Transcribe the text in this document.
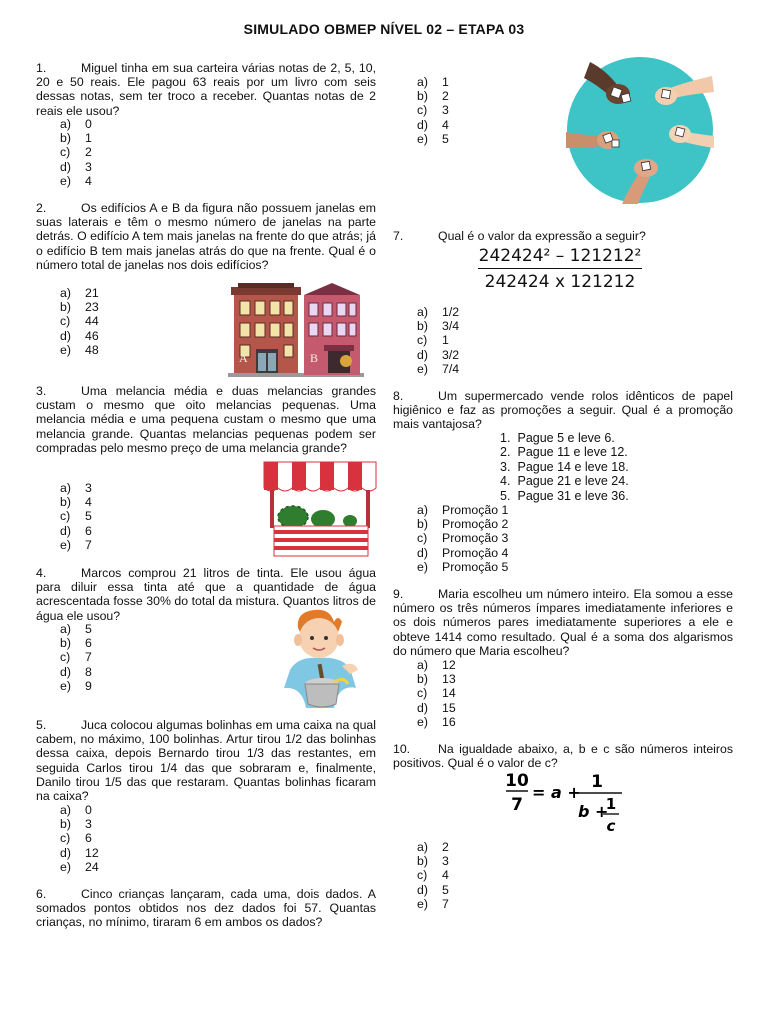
SIMULADO OBMEP NÍVEL 02 – ETAPA 03
1.	Miguel tinha em sua carteira várias notas de 2, 5, 10, 20 e 50 reais. Ele pagou 63 reais por um livro com seis dessas notas, sem ter troco a receber. Quantas notas de 2 reais ele usou?
a) 0
b) 1
c) 2
d) 3
e) 4
2.	Os edifícios A e B da figura não possuem janelas em suas laterais e têm o mesmo número de janelas na parte detrás. O edifício A tem mais janelas na frente do que atrás; já o edifício B tem mais janelas atrás do que na frente. Qual é o número total de janelas nos dois edifícios?
a) 21
b) 23
c) 44
d) 46
e) 48
A	B
3.	Uma melancia média e duas melancias grandes custam o mesmo que oito melancias pequenas. Uma melancia média e uma pequena custam o mesmo que uma melancia grande. Quantas melancias pequenas podem ser compradas pelo mesmo preço de uma melancia grande?
a) 3
b) 4
c) 5
d) 6
e) 7
4.	Marcos comprou 21 litros de tinta. Ele usou água para diluir essa tinta até que a quantidade de água acrescentada fosse 30% do total da mistura. Quantos litros de água ele usou?
a) 5
b) 6
c) 7
d) 8
e) 9
5.	Juca colocou algumas bolinhas em uma caixa na qual cabem, no máximo, 100 bolinhas. Artur tirou 1/2 das bolinhas dessa caixa, depois Bernardo tirou 1/3 das restantes, em seguida Carlos tirou 1/4 das que sobraram e, finalmente, Danilo tirou 1/5 das que restaram. Quantas bolinhas ficaram na caixa?
a) 0
b) 3
c) 6
d) 12
e) 24
6.	Cinco crianças lançaram, cada uma, dois dados. A somados pontos obtidos nos dez dados foi 57. Quantas crianças, no mínimo, tiraram 6 em ambos os dados?
a) 1
b) 2
c) 3
d) 4
e) 5
7.	Qual é o valor da expressão a seguir?
242424² – 121212²
242424 x 121212
a) 1/2
b) 3/4
c) 1
d) 3/2
e) 7/4
8.	Um supermercado vende rolos idênticos de papel higiênico e faz as promoções a seguir. Qual é a promoção mais vantajosa?
1. Pague 5 e leve 6.
2. Pague 11 e leve 12.
3. Pague 14 e leve 18.
4. Pague 21 e leve 24.
5. Pague 31 e leve 36.
a) Promoção 1
b) Promoção 2
c) Promoção 3
d) Promoção 4
e) Promoção 5
9.	Maria escolheu um número inteiro. Ela somou a esse número os três números ímpares imediatamente inferiores e os dois números pares imediatamente superiores a ele e obteve 1414 como resultado. Qual é a soma dos algarismos do número que Maria escolheu?
a) 12
b) 13
c) 14
d) 15
e) 16
10. Na igualdade abaixo, a, b e c são números inteiros positivos. Qual é o valor de c?
10
7
= a +
1
b +
1
c
a) 2
b) 3
c) 4
d) 5
e) 7
